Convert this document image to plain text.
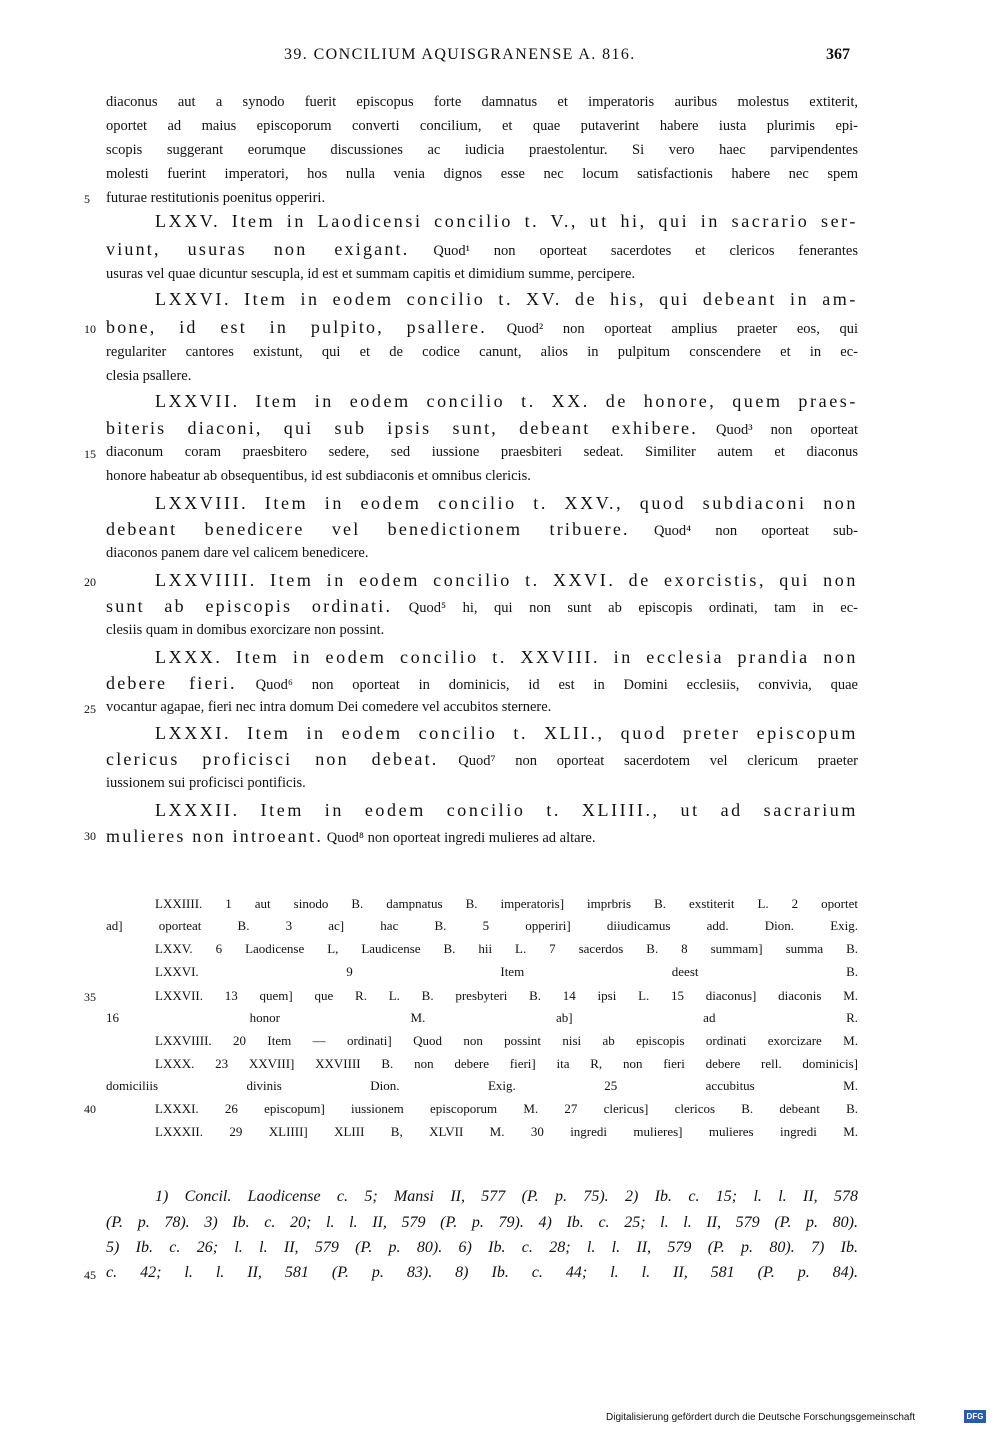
39. CONCILIUM AQUISGRANENSE A. 816.	367
5
10
15
20
25
30
35
40
45
diaconus aut a synodo fuerit episcopus forte damnatus et imperatoris auribus molestus extiterit,
oportet ad maius episcoporum converti concilium, et quae putaverint habere iusta plurimis epi-
scopis suggerant eorumque discussiones ac iudicia praestolentur. Si vero haec parvipendentes
molesti fuerint imperatori, hos nulla venia dignos esse nec locum satisfactionis habere nec spem
futurae restitutionis poenitus opperiri.
LXXV. Item in Laodicensi concilio t. V., ut hi, qui in sacrario ser-
viunt, usuras non exigant. Quod¹ non oporteat sacerdotes et clericos fenerantes
usuras vel quae dicuntur sescupla, id est et summam capitis et dimidium summe, percipere.
LXXVI. Item in eodem concilio t. XV. de his, qui debeant in am-
bone, id est in pulpito, psallere. Quod² non oporteat amplius praeter eos, qui
regulariter cantores existunt, qui et de codice canunt, alios in pulpitum conscendere et in ec-
clesia psallere.
LXXVII. Item in eodem concilio t. XX. de honore, quem praes-
biteris diaconi, qui sub ipsis sunt, debeant exhibere. Quod³ non oporteat
diaconum coram praesbitero sedere, sed iussione praesbiteri sedeat. Similiter autem et diaconus
honore habeatur ab obsequentibus, id est subdiaconis et omnibus clericis.
LXXVIII. Item in eodem concilio t. XXV., quod subdiaconi non
debeant benedicere vel benedictionem tribuere. Quod⁴ non oporteat sub-
diaconos panem dare vel calicem benedicere.
LXXVIIII. Item in eodem concilio t. XXVI. de exorcistis, qui non
sunt ab episcopis ordinati. Quod⁵ hi, qui non sunt ab episcopis ordinati, tam in ec-
clesiis quam in domibus exorcizare non possint.
LXXX. Item in eodem concilio t. XXVIII. in ecclesia prandia non
debere fieri. Quod⁶ non oporteat in dominicis, id est in Domini ecclesiis, convivia, quae
vocantur agapae, fieri nec intra domum Dei comedere vel accubitos sternere.
LXXXI. Item in eodem concilio t. XLII., quod preter episcopum
clericus proficisci non debeat. Quod⁷ non oporteat sacerdotem vel clericum praeter
iussionem sui proficisci pontificis.
LXXXII. Item in eodem concilio t. XLIIII., ut ad sacrarium
mulieres non introeant. Quod⁸ non oporteat ingredi mulieres ad altare.
LXXIIII. 1 aut sinodo B. dampnatus B. imperatoris] imprbris B. exstiterit L. 2 oportet
ad] oporteat B. 3 ac] hac B. 5 opperiri] diiudicamus add. Dion. Exig.
LXXV. 6 Laodicense L, Laudicense B. hii L. 7 sacerdos B. 8 summam] summa B.
LXXVI. 9 Item deest B.
LXXVII. 13 quem] que R. L. B. presbyteri B. 14 ipsi L. 15 diaconus] diaconis M.
16 honor M. ab] ad R.
LXXVIIII. 20 Item — ordinati] Quod non possint nisi ab episcopis ordinati exorcizare M.
LXXX. 23 XXVIII] XXVIIII B. non debere fieri] ita R, non fieri debere rell. dominicis]
domiciliis divinis Dion. Exig. 25 accubitus M.
LXXXI. 26 episcopum] iussionem episcoporum M. 27 clericus] clericos B. debeant B.
LXXXII. 29 XLIIII] XLIII B, XLVII M. 30 ingredi mulieres] mulieres ingredi M.
1) Concil. Laodicense c. 5; Mansi II, 577 (P. p. 75). 2) Ib. c. 15; l. l. II, 578
(P. p. 78). 3) Ib. c. 20; l. l. II, 579 (P. p. 79). 4) Ib. c. 25; l. l. II, 579 (P. p. 80).
5) Ib. c. 26; l. l. II, 579 (P. p. 80). 6) Ib. c. 28; l. l. II, 579 (P. p. 80). 7) Ib.
c. 42; l. l. II, 581 (P. p. 83). 8) Ib. c. 44; l. l. II, 581 (P. p. 84).
Digitalisierung gefördert durch die Deutsche Forschungsgemeinschaft	DFG
